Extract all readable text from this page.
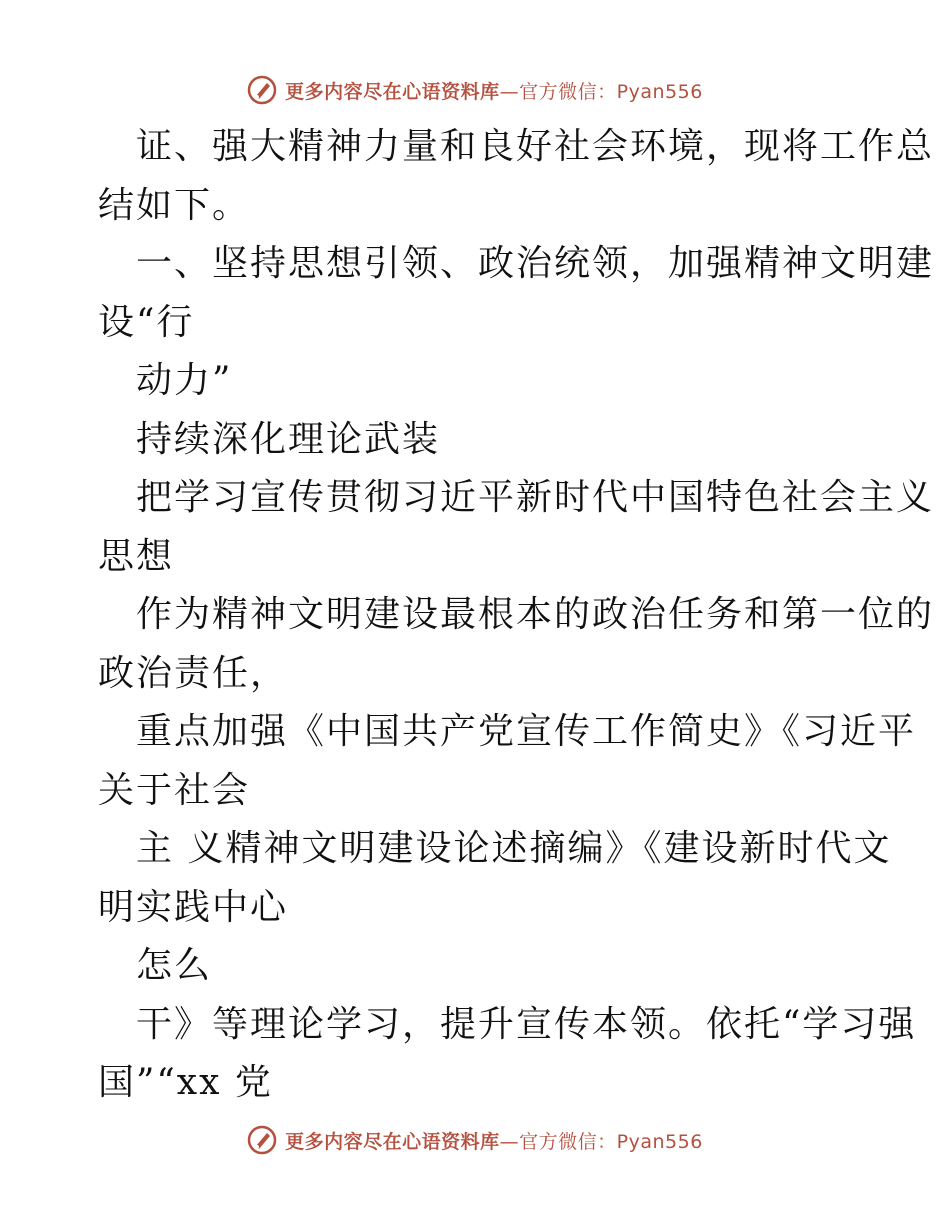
更多内容尽在心语资料库—官方微信：Pyan556
证、强大精神力量和良好社会环境，现将工作总
结如下。
一、坚持思想引领、政治统领，加强精神文明建
设“行
动力”
持续深化理论武装
把学习宣传贯彻习近平新时代中国特色社会主义
思想
作为精神文明建设最根本的政治任务和第一位的
政治责任，
重点加强《中国共产党宣传工作简史》《习近平
关于社会
主 义精神文明建设论述摘编》《建设新时代文
明实践中心
怎么
干》等理论学习，提升宣传本领。依托“学习强
国”“xx 党
更多内容尽在心语资料库—官方微信：Pyan556
